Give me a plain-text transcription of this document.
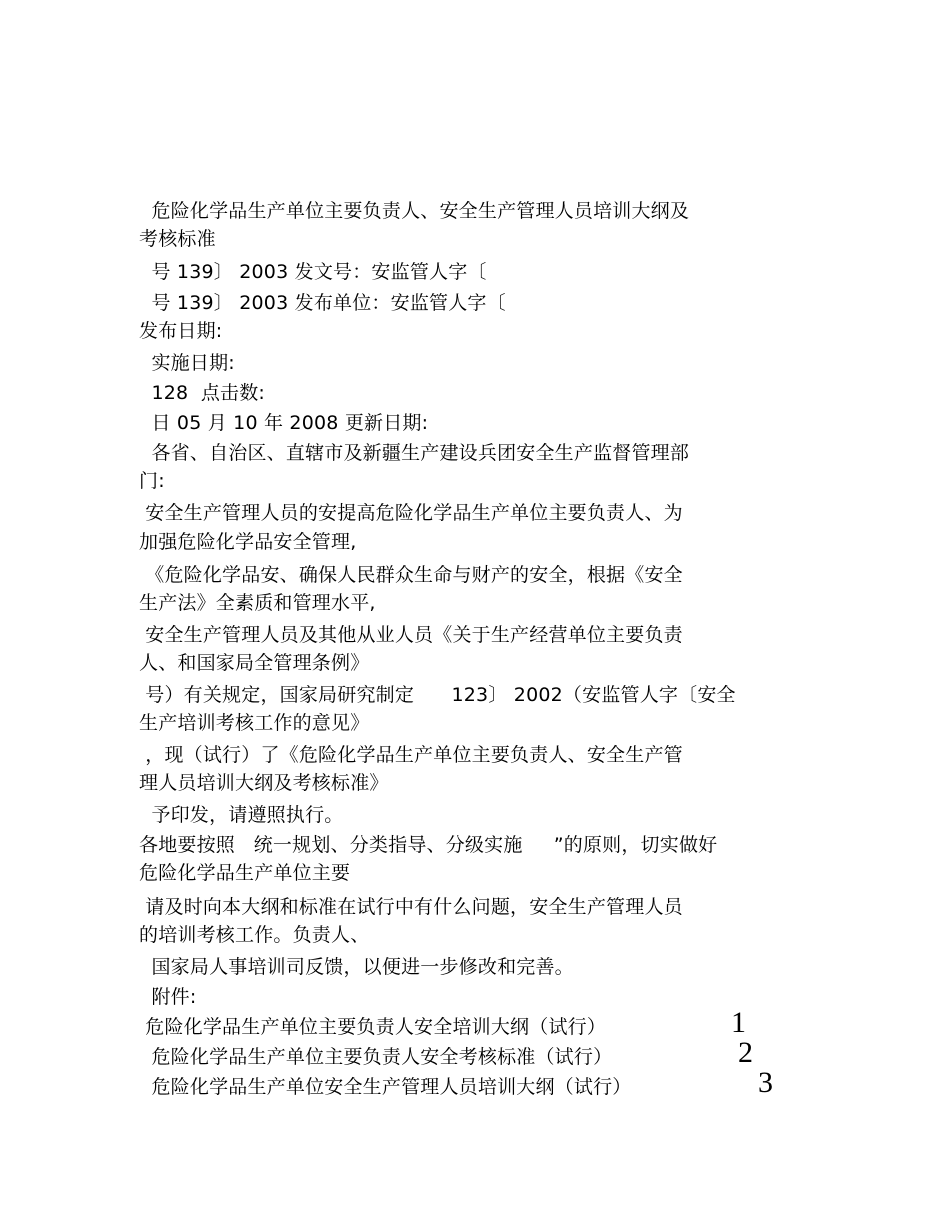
危险化学品生产单位主要负责人、安全生产管理人员培训大纲及
考核标准
号 139〕 2003 发文号：安监管人字〔
号 139〕 2003 发布单位：安监管人字〔
发布日期:
实施日期:
128  点击数:
日 05 月 10 年 2008 更新日期:
各省、自治区、直辖市及新疆生产建设兵团安全生产监督管理部
门:
安全生产管理人员的安提高危险化学品生产单位主要负责人、为
加强危险化学品安全管理,
《危险化学品安、确保人民群众生命与财产的安全，根据《安全
生产法》全素质和管理水平,
安全生产管理人员及其他从业人员《关于生产经营单位主要负责
人、和国家局全管理条例》
号）有关规定，国家局研究制定      123〕 2002（安监管人字〔安全
生产培训考核工作的意见》
，现（试行）了《危险化学品生产单位主要负责人、安全生产管
理人员培训大纲及考核标准》
予印发，请遵照执行。
各地要按照   统一规划、分类指导、分级实施     ”的原则，切实做好
危险化学品生产单位主要
请及时向本大纲和标准在试行中有什么问题，安全生产管理人员
的培训考核工作。负责人、
国家局人事培训司反馈，以便进一步修改和完善。
附件:
危险化学品生产单位主要负责人安全培训大纲（试行）
危险化学品生产单位主要负责人安全考核标准（试行）
危险化学品生产单位安全生产管理人员培训大纲（试行）
1
2
3
